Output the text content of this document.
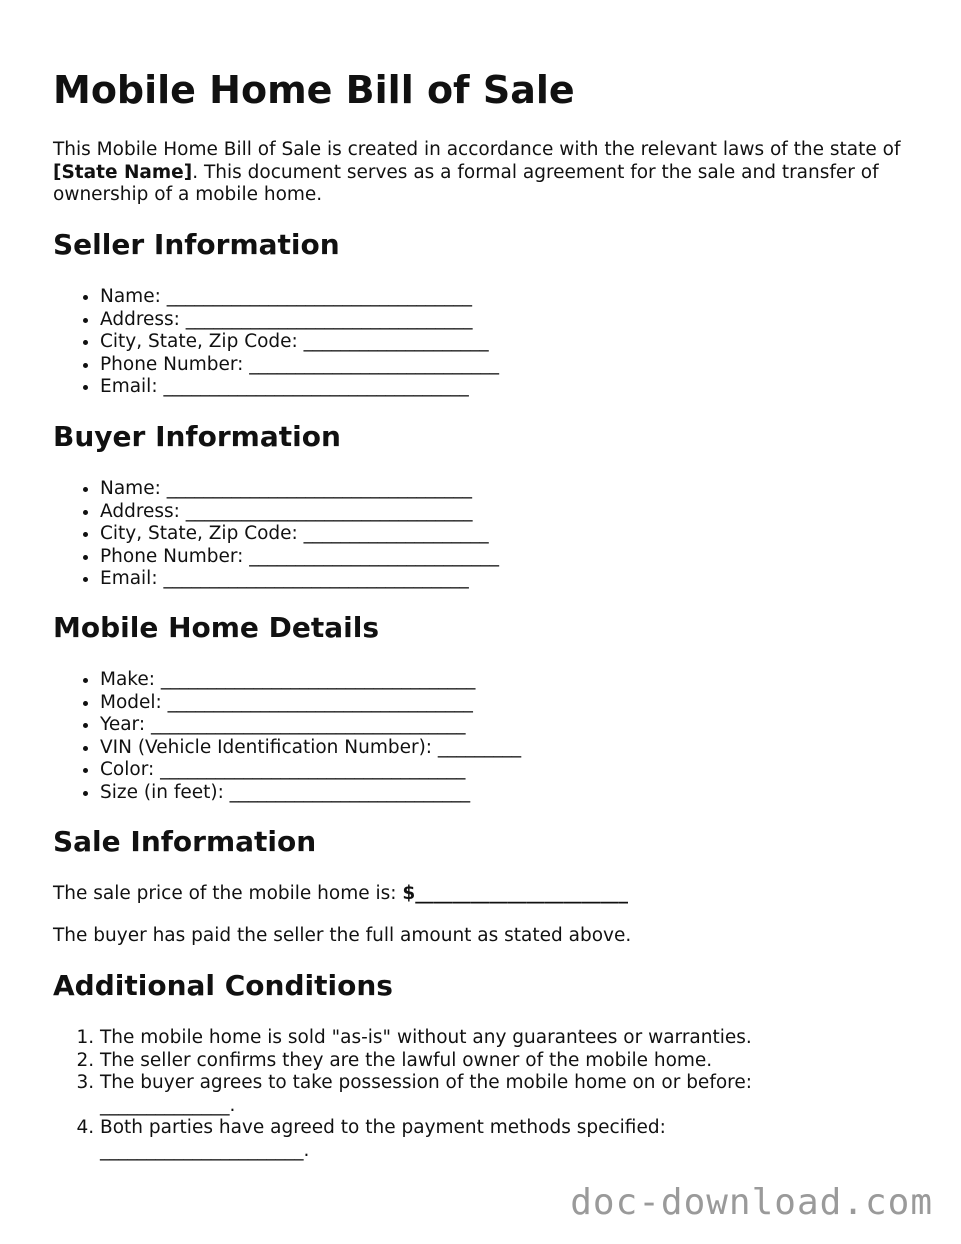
Mobile Home Bill of Sale

This Mobile Home Bill of Sale is created in accordance with the relevant laws of the state of [State Name]. This document serves as a formal agreement for the sale and transfer of ownership of a mobile home.

Seller Information
• Name: _________________________________
• Address: _______________________________
• City, State, Zip Code: ____________________
• Phone Number: ___________________________
• Email: _________________________________
Buyer Information
• Name: _________________________________
• Address: _______________________________
• City, State, Zip Code: ____________________
• Phone Number: ___________________________
• Email: _________________________________
Mobile Home Details
• Make: __________________________________
• Model: _________________________________
• Year: __________________________________
• VIN (Vehicle Identification Number): _________
• Color: _________________________________
• Size (in feet): __________________________
Sale Information

The sale price of the mobile home is: $_______________________

The buyer has paid the seller the full amount as stated above.

Additional Conditions
1. The mobile home is sold "as-is" without any guarantees or warranties.
2. The seller confirms they are the lawful owner of the mobile home.
3. The buyer agrees to take possession of the mobile home on or before: ______________.
4. Both parties have agreed to the payment methods specified: ______________________.
doc-download.com
